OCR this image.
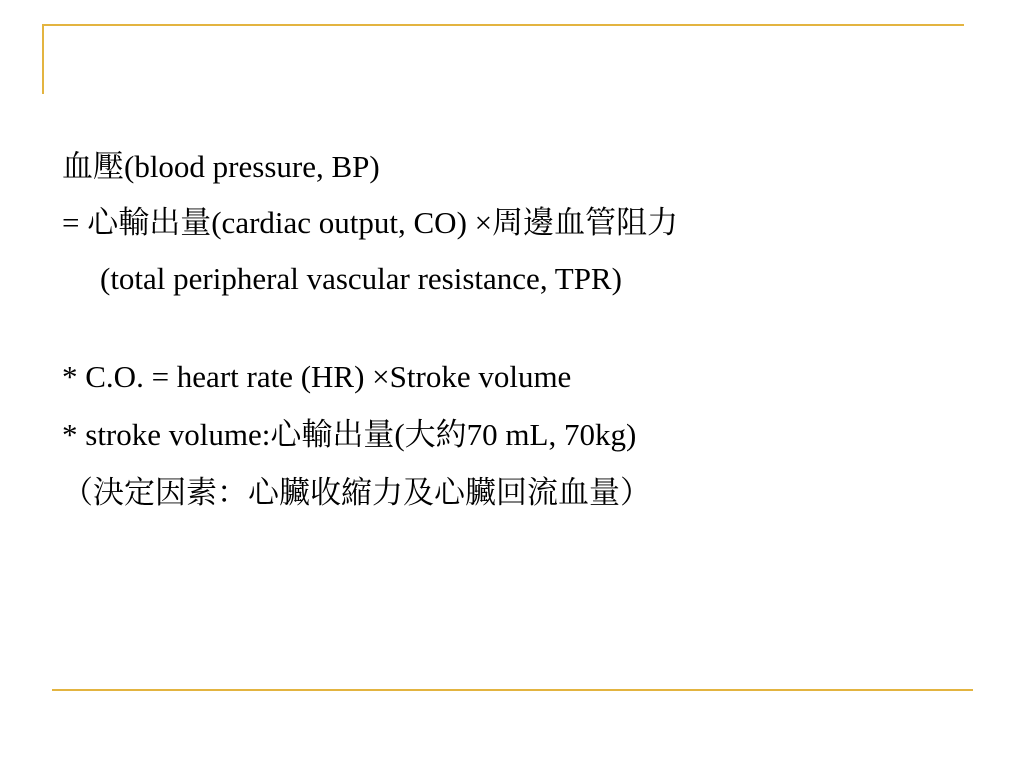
血壓(blood pressure, BP)
= 心輸出量(cardiac output, CO) ×周邊血管阻力
(total peripheral vascular resistance, TPR)
* C.O. = heart rate (HR) ×Stroke volume
* stroke volume:心輸出量(大約70 mL, 70kg)
（決定因素：心臟收縮力及心臟回流血量）
